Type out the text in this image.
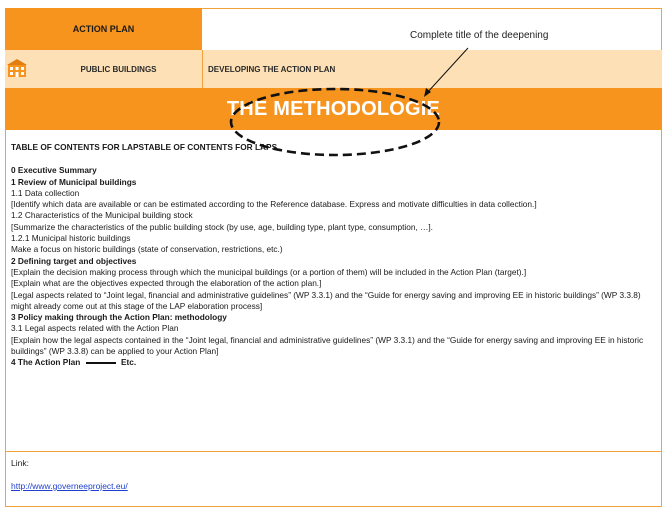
ACTION PLAN
Complete title of the deepening
PUBLIC BUILDINGS	DEVELOPING THE ACTION PLAN
THE METHODOLOGIE
TABLE OF CONTENTS FOR LAPSTABLE OF CONTENTS FOR LAPS
0 Executive Summary
1 Review of Municipal buildings
1.1 Data collection
[Identify which data are available or can be estimated according to the Reference database. Express and motivate difficulties in data collection.]
1.2 Characteristics of the Municipal building stock
[Summarize the characteristics of the public building stock (by use, age, building type, plant type, consumption, …].
1.2.1 Municipal historic buildings
Make a focus on historic buildings (state of conservation, restrictions, etc.)
2 Defining target and objectives
[Explain the decision making process through which the municipal buildings (or a portion of them) will be included in the Action Plan (target).]
[Explain what are the objectives expected through the elaboration of the action plan.]
[Legal aspects related to “Joint legal, financial and administrative guidelines” (WP 3.3.1) and the “Guide for energy saving and improving EE in historic buildings” (WP 3.3.8) might already come out at this stage of the LAP elaboration process]
3 Policy making through the Action Plan: methodology
3.1 Legal aspects related with the Action Plan
[Explain how the legal aspects contained in the “Joint legal, financial and administrative guidelines” (WP 3.3.1) and the “Guide for energy saving and improving EE in historic buildings” (WP 3.3.8) can be applied to your Action Plan]
4 The Action Plan	Etc.
Link:
http://www.governeeproject.eu/
